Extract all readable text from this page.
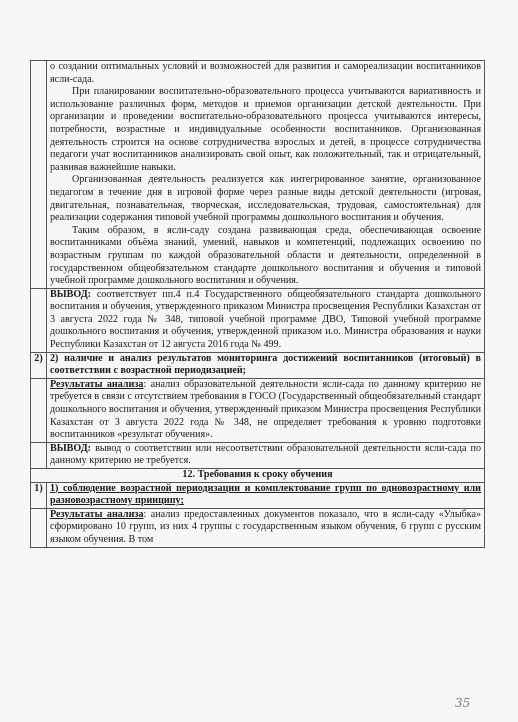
	о создании оптимальных условий и возможностей для развития и самореализации воспитанников ясли-сада.

При планировании воспитательно-образовательного процесса учитываются вариативность и использование различных форм, методов и приемов организации детской деятельности. При организации и проведении воспитательно-образовательного процесса учитываются интересы, потребности, возрастные и индивидуальные особенности воспитанников. Организованная деятельность строится на основе сотрудничества взрослых и детей, в процессе сотрудничества педагоги учат воспитанников анализировать свой опыт, как положительный, так и отрицательный, развивая важнейшие навыки.

Организованная деятельность реализуется как интегрированное занятие, организованное педагогом в течение дня в игровой форме через разные виды детской деятельности (игровая, двигательная, познавательная, творческая, исследовательская, трудовая, самостоятельная) для реализации содержания типовой учебной программы дошкольного воспитания и обучения.

Таким образом, в ясли-саду создана развивающая среда, обеспечивающая освоение воспитанниками объёма знаний, умений, навыков и компетенций, подлежащих освоению по возрастным группам по каждой образовательной области и деятельности, определенной в государственном общеобязательном стандарте дошкольного воспитания и обучения и типовой учебной программе дошкольного воспитания и обучения.

	ВЫВОД: соответствует пп.4 п.4 Государственного общеобязательного стандарта дошкольного воспитания и обучения, утвержденного приказом Министра просвещения Республики Казахстан от 3 августа 2022 года № 348, типовой учебной программе ДВО, Типовой учебной программе дошкольного воспитания и обучения, утвержденной приказом и.о. Министра образования и науки Республики Казахстан от 12 августа 2016 года № 499.

2)	2) наличие и анализ результатов мониторинга достижений воспитанников (итоговый) в соответствии с возрастной периодизацией;

	Результаты анализа: анализ образовательной деятельности ясли-сада по данному критерию не требуется в связи с отсутствием требования в ГОСО (Государственный общеобязательный стандарт дошкольного воспитания и обучения, утвержденный приказом Министра просвещения Республики Казахстан от 3 августа 2022 года № 348, не определяет требования к уровню подготовки воспитанников «результат обучения».

	ВЫВОД: вывод о соответствии или несоответствии образовательной деятельности ясли-сада по данному критерию не требуется.

12. Требования к сроку обучения	
1)	1) соблюдение возрастной периодизации и комплектование групп по одновозрастному или разновозрастному принципу;

	Результаты анализа: анализ предоставленных документов показало, что в ясли-саду «Улыбка» сформировано 10 групп, из них 4 группы с государственным языком обучения, 6 групп с русским языком обучения. В том

35
